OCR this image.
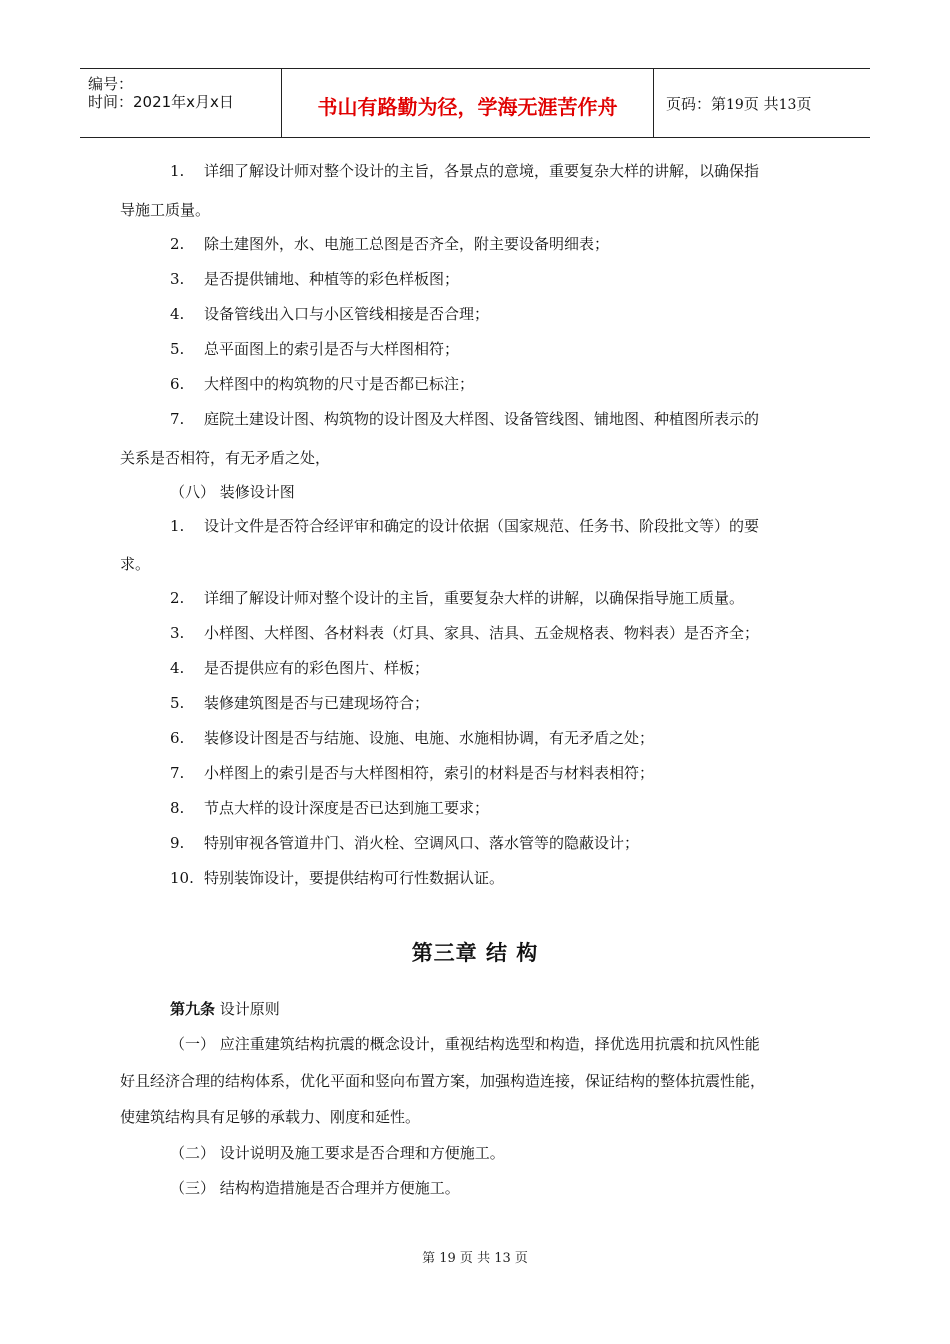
编号：
时间：2021年x月x日	书山有路勤为径，学海无涯苦作舟	页码：第19页 共13页
1. 详细了解设计师对整个设计的主旨，各景点的意境，重要复杂大样的讲解，以确保指
导施工质量。
2. 除土建图外，水、电施工总图是否齐全，附主要设备明细表；
3. 是否提供铺地、种植等的彩色样板图；
4. 设备管线出入口与小区管线相接是否合理；
5. 总平面图上的索引是否与大样图相符；
6. 大样图中的构筑物的尺寸是否都已标注；
7. 庭院土建设计图、构筑物的设计图及大样图、设备管线图、铺地图、种植图所表示的
关系是否相符，有无矛盾之处，
（八） 装修设计图
1. 设计文件是否符合经评审和确定的设计依据（国家规范、任务书、阶段批文等）的要
求。
2. 详细了解设计师对整个设计的主旨，重要复杂大样的讲解，以确保指导施工质量。
3. 小样图、大样图、各材料表（灯具、家具、洁具、五金规格表、物料表）是否齐全；
4. 是否提供应有的彩色图片、样板；
5. 装修建筑图是否与已建现场符合；
6. 装修设计图是否与结施、设施、电施、水施相协调，有无矛盾之处；
7. 小样图上的索引是否与大样图相符，索引的材料是否与材料表相符；
8. 节点大样的设计深度是否已达到施工要求；
9. 特别审视各管道井门、消火栓、空调风口、落水管等的隐蔽设计；
10. 特别装饰设计，要提供结构可行性数据认证。
第三章 结 构
第九条 设计原则
（一） 应注重建筑结构抗震的概念设计，重视结构选型和构造，择优选用抗震和抗风性能
好且经济合理的结构体系，优化平面和竖向布置方案，加强构造连接，保证结构的整体抗震性能，
使建筑结构具有足够的承载力、刚度和延性。
（二） 设计说明及施工要求是否合理和方便施工。
（三） 结构构造措施是否合理并方便施工。
第 19 页 共 13 页
